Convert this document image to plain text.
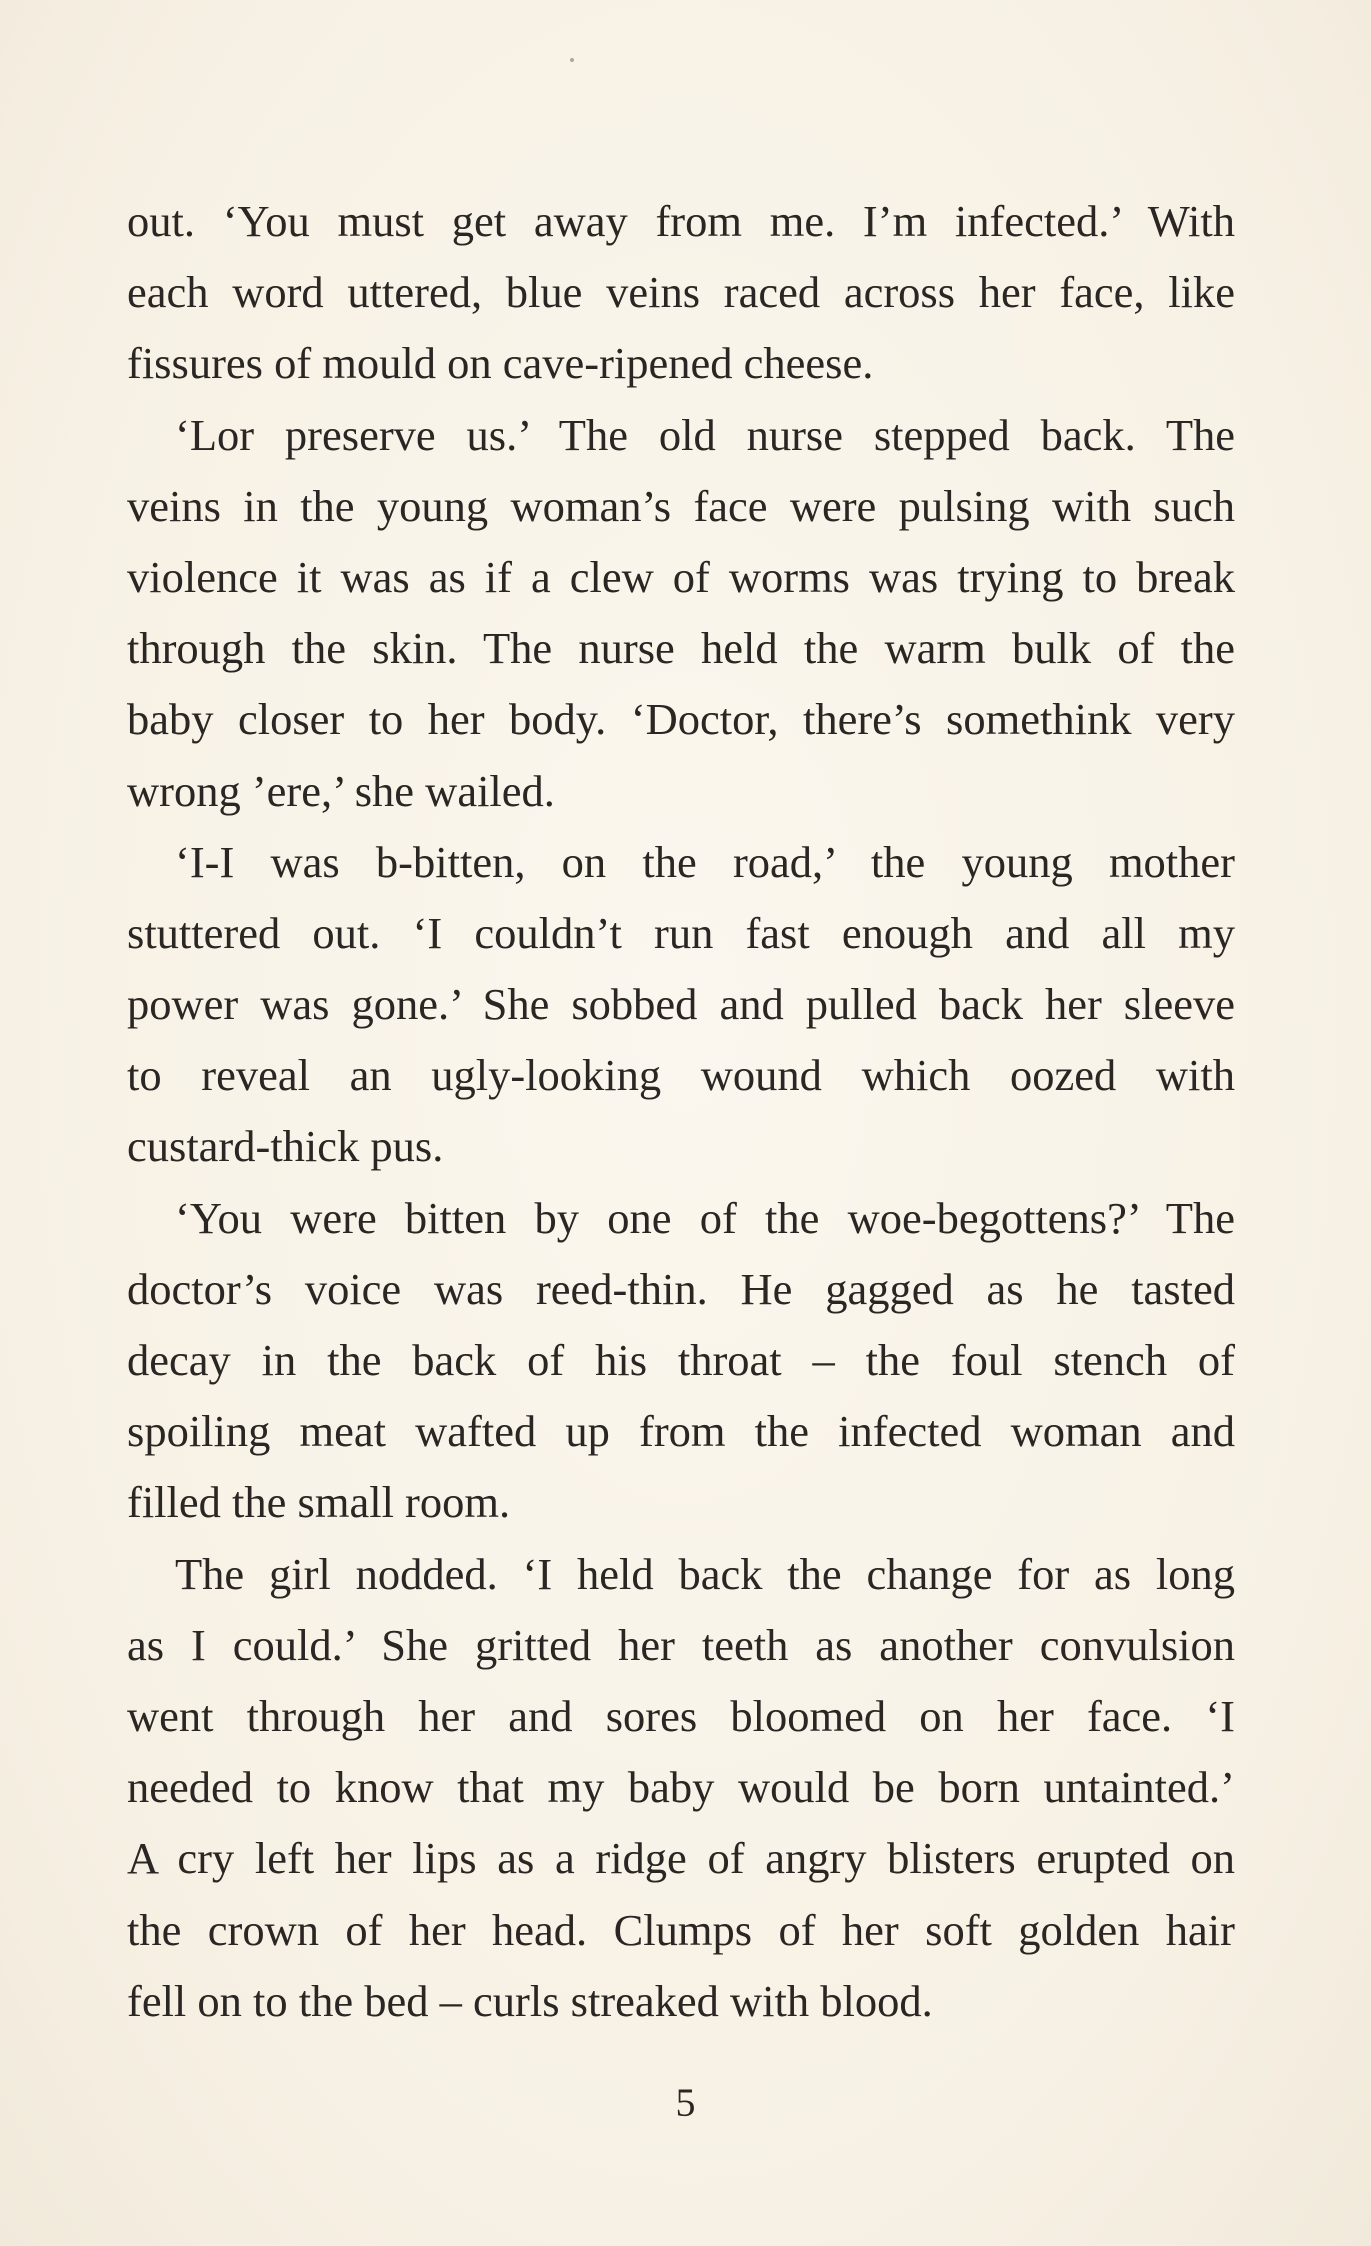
out. ‘You must get away from me. I’m infected.’ With
each word uttered, blue veins raced across her face, like
fissures of mould on cave-ripened cheese.
‘Lor preserve us.’ The old nurse stepped back. The
veins in the young woman’s face were pulsing with such
violence it was as if a clew of worms was trying to break
through the skin. The nurse held the warm bulk of the
baby closer to her body. ‘Doctor, there’s somethink very
wrong ’ere,’ she wailed.
‘I-I was b-bitten, on the road,’ the young mother
stuttered out. ‘I couldn’t run fast enough and all my
power was gone.’ She sobbed and pulled back her sleeve
to reveal an ugly-looking wound which oozed with
custard-thick pus.
‘You were bitten by one of the woe-begottens?’ The
doctor’s voice was reed-thin. He gagged as he tasted
decay in the back of his throat – the foul stench of
spoiling meat wafted up from the infected woman and
filled the small room.
The girl nodded. ‘I held back the change for as long
as I could.’ She gritted her teeth as another convulsion
went through her and sores bloomed on her face. ‘I
needed to know that my baby would be born untainted.’
A cry left her lips as a ridge of angry blisters erupted on
the crown of her head. Clumps of her soft golden hair
fell on to the bed – curls streaked with blood.
5
